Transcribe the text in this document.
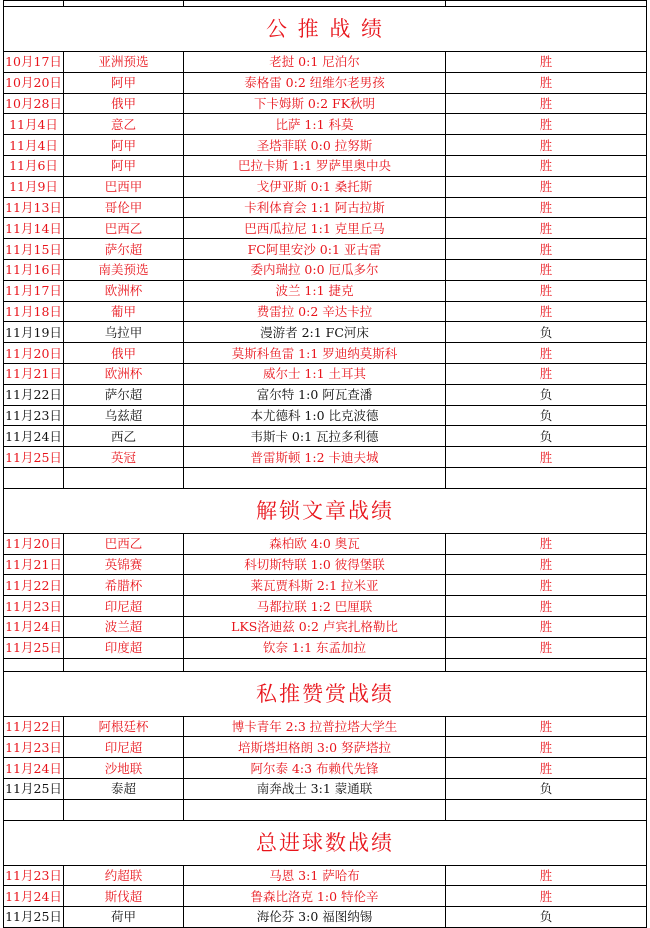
公 推 战 绩			
10月17日	亚洲预选	老挝 0:1 尼泊尔	胜
10月20日	阿甲	泰格雷 0:2 纽维尔老男孩	胜
10月28日	俄甲	下卡姆斯 0:2 FK秋明	胜
11月4日	意乙	比萨 1:1 科莫	胜
11月4日	阿甲	圣塔菲联 0:0 拉努斯	胜
11月6日	阿甲	巴拉卡斯 1:1 罗萨里奥中央	胜
11月9日	巴西甲	戈伊亚斯 0:1 桑托斯	胜
11月13日	哥伦甲	卡利体育会 1:1 阿古拉斯	胜
11月14日	巴西乙	巴西瓜拉尼 1:1 克里丘马	胜
11月15日	萨尔超	FC阿里安沙 0:1 亚古雷	胜
11月16日	南美预选	委内瑞拉 0:0 厄瓜多尔	胜
11月17日	欧洲杯	波兰 1:1 捷克	胜
11月18日	葡甲	费雷拉 0:2 辛达卡拉	胜
11月19日	乌拉甲	漫游者 2:1 FC河床	负
11月20日	俄甲	莫斯科鱼雷 1:1 罗迪纳莫斯科	胜
11月21日	欧洲杯	威尔士 1:1 土耳其	胜
11月22日	萨尔超	富尔特 1:0 阿瓦查潘	负
11月23日	乌兹超	本尤德科 1:0 比克波德	负
11月24日	西乙	韦斯卡 0:1 瓦拉多利德	负
11月25日	英冠	普雷斯顿 1:2 卡迪夫城	胜

解锁文章战绩			
11月20日	巴西乙	森柏欧 4:0 奥瓦	胜
11月21日	英锦赛	科切斯特联 1:0 彼得堡联	胜
11月22日	希腊杯	莱瓦贾科斯 2:1 拉米亚	胜
11月23日	印尼超	马都拉联 1:2 巴厘联	胜
11月24日	波兰超	LKS洛迪兹 0:2 卢宾扎格勒比	胜
11月25日	印度超	钦奈 1:1 东孟加拉	胜

私推赞赏战绩			
11月22日	阿根廷杯	博卡青年 2:3 拉普拉塔大学生	胜
11月23日	印尼超	培斯塔坦格朗 3:0 努萨塔拉	胜
11月24日	沙地联	阿尔泰 4:3 布赖代先锋	胜
11月25日	泰超	南奔战士 3:1 蒙通联	负

总进球数战绩			
11月23日	约超联	马恩 3:1 萨哈布	胜
11月24日	斯伐超	鲁森比洛克 1:0 特伦辛	胜
11月25日	荷甲	海伦芬 3:0 福图纳锡	负
